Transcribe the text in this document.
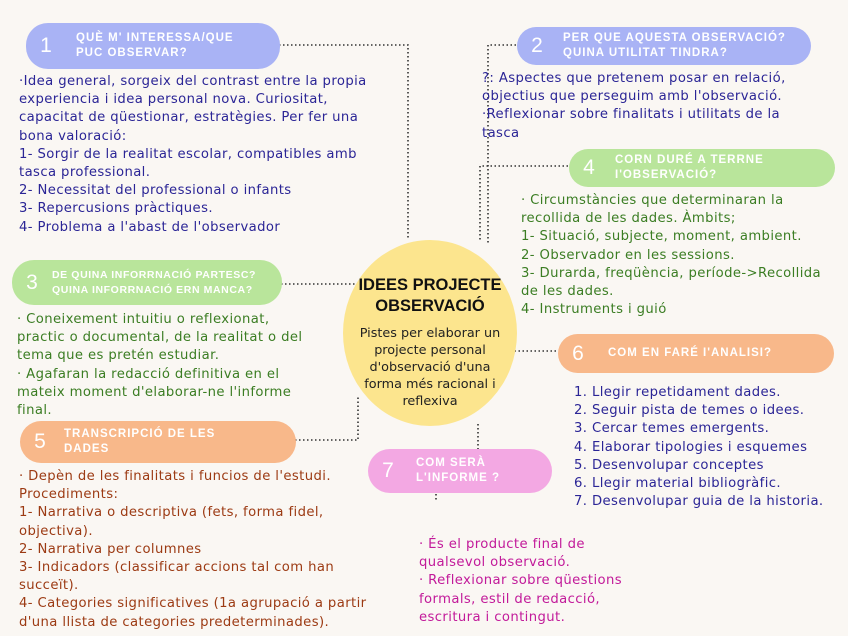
1	QUÈ M' INTERESSA/QUE
PUC OBSERVAR?
·Idea general, sorgeix del contrast entre la propia
experiencia i idea personal nova. Curiositat,
capacitat de qüestionar, estratègies. Per fer una
bona valoració:
1- Sorgir de la realitat escolar, compatibles amb
tasca professional.
2- Necessitat del professional o infants
3- Repercusions pràctiques.
4- Problema a l'abast de l'observador
2	PER QUE AQUESTA OBSERVACIÓ?
QUINA UTILITAT TINDRA?
?: Aspectes que pretenem posar en relació,
objectius que perseguim amb l'observació.
·Reflexionar sobre finalitats i utilitats de la
tasca
3	DE QUINA INFORRNACIÓ PARTESC?
QUINA INFORRNACIÓ ERN MANCA?
· Coneixement intuitiu o reflexionat,
practic o documental, de la realitat o del
tema que es pretén estudiar.
· Agafaran la redacció definitiva en el
mateix moment d'elaborar-ne l'informe
final.
4	CORN DURÉ A TERRNE
I'OBSERVACIÓ?
· Circumstàncies que determinaran la
recollida de les dades. Àmbits;
1- Situació, subjecte, moment, ambient.
2- Observador en les sessions.
3- Durarda, freqüència, període->Recollida
de les dades.
4- Instruments i guió
5	TRANSCRIPCIÓ DE LES
DADES
· Depèn de les finalitats i funcios de l'estudi.
Procediments:
1- Narrativa o descriptiva (fets, forma fidel,
objectiva).
2- Narrativa per columnes
3- Indicadors (classificar accions tal com han
succeït).
4- Categories significatives (1a agrupació a partir
d'una llista de categories predeterminades).
6	COM EN FARÉ I'ANALISI?
1. Llegir repetidament dades.
2. Seguir pista de temes o idees.
3. Cercar temes emergents.
4. Elaborar tipologies i esquemes
5. Desenvolupar conceptes
6. Llegir material bibliogràfic.
7. Desenvolupar guia de la historia.
7	COM SERÀ
L'INFORME ?
· És el producte final de
qualsevol observació.
· Reflexionar sobre qüestions
formals, estil de redacció,
escritura i contingut.
IDEES PROJECTE
OBSERVACIÓ
Pistes per elaborar un
projecte personal
d'observació d'una
forma més racional i
reflexiva
